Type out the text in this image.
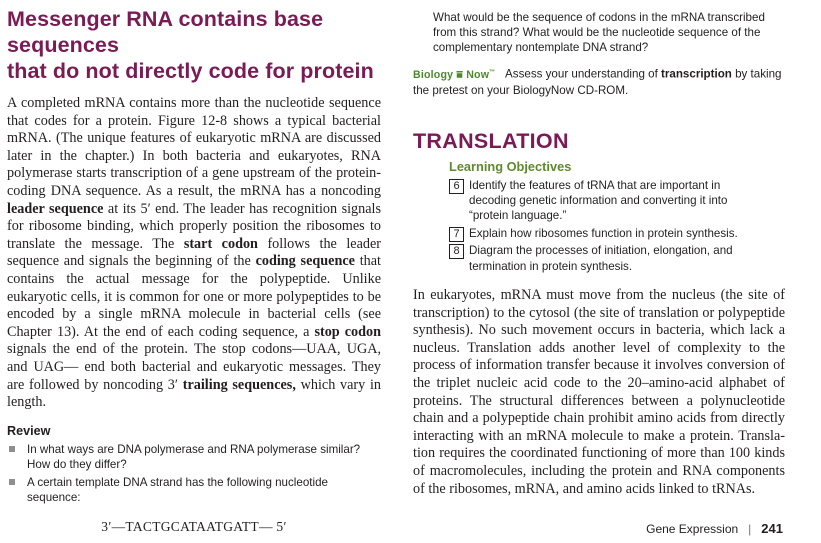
Messenger RNA contains base sequences
that do not directly code for protein

A completed mRNA contains more than the nucleotide sequence that codes for a protein. Figure 12-8 shows a typical bacterial mRNA. (The unique features of eukaryotic mRNA are discussed later in the chapter.) In both bacteria and eukaryotes, RNA polymerase starts transcription of a gene upstream of the protein-coding DNA sequence. As a result, the mRNA has a noncoding leader sequence at its 5′ end. The leader has recognition signals for ribosome binding, which properly position the ribosomes to translate the message. The start codon follows the leader sequence and signals the beginning of the coding sequence that contains the actual message for the polypeptide. Unlike eukaryotic cells, it is common for one or more polypeptides to be encoded by a single mRNA molecule in bacterial cells (see Chapter 13). At the end of each coding sequence, a stop codon signals the end of the protein. The stop codons—UAA, UGA, and UAG— end both bacterial and eukaryotic messages. They are followed by noncoding 3′ trailing sequences, which vary in length.

Review
In what ways are DNA polymerase and RNA polymerase similar? How do they differ?
A certain template DNA strand has the following nucleotide sequence:
3′—TACTGCATAATGATT— 5′

What would be the sequence of codons in the mRNA transcribed from this strand? What would be the nucleotide sequence of the complementary nontemplate DNA strand?

Biology ⩸ Now™ Assess your understanding of transcription by taking the pretest on your BiologyNow CD-ROM.
TRANSLATION
Learning Objectives
6 Identify the features of tRNA that are important in decoding genetic information and converting it into “protein language.”
7 Explain how ribosomes function in protein synthesis.
8 Diagram the processes of initiation, elongation, and termination in protein synthesis.

In eukaryotes, mRNA must move from the nucleus (the site of transcription) to the cytosol (the site of translation or polypeptide synthesis). No such movement occurs in bacteria, which lack a nucleus. Translation adds another level of complexity to the process of information transfer because it involves conversion of the triplet nucleic acid code to the 20–amino-acid alphabet of proteins. The structural differences between a polynucleotide chain and a polypeptide chain prohibit amino acids from directly interacting with an mRNA molecule to make a protein. Translation requires the coordinated functioning of more than 100 kinds of macromolecules, including the protein and RNA components of the ribosomes, mRNA, and amino acids linked to tRNAs.

Gene Expression | 241
